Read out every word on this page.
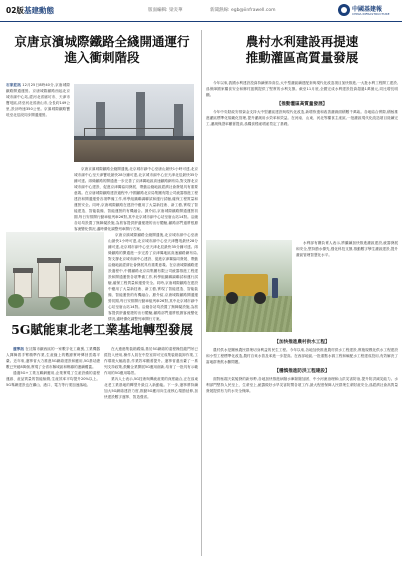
02版 基建動態	版面編輯: 梁炎華	新聞熱線: egb@iinfrawell.com	中國基建報
CHINA INFRASTRUCTURE
京唐京濱城際鐵路全綫開通運行
進入衝刺階段

石家莊訊 12月25日8時40分,京唐城際鐵路開通運營。京唐城際鐵路西起北京城市副中心站,經河北省廊坊市、天津市寶坻區,終至河北省唐山市,全長約149公里,設計時速350公里。京濱城際鐵路寶坻至北辰段同步開通運營。

京唐京濱城際鐵路全綫開通後,北京城市副中心至唐山最快1小時可達,北京城市副中心至天津寶坻最快28分鐘可達,北京城市副中心至天津北辰最快35分鐘可達。兩條鐵路的開通進一步完善了京津冀地區高速鐵路網布局,對支撐北京城市副中心建設、促進京津冀協同發展、帶動沿綫地區經濟社會發展具有重要意義。在京唐城際鐵路建設過程中,中國鐵路北京局集團有限公司統籌推進工程建設和開通運營各項準備工作,科學組織聯調聯試和運行試驗,確保工程質量和運營安全。同時,京唐城際鐵路在建設中應用了大量新技術、新工藝,實現了智能建造、智能裝備、智能運營的有機融合。據介紹,京唐城際鐵路開通運營初期,每日安排開行動車組列車26對,其中北京城市副中心站至唐山站14對。沿綫各站均設置了無障礙設施,為旅客提供舒適便捷的出行體驗,鐵路部門還將根據客流變化情況,適時優化調整列車開行方案。

京唐京濱城際鐵路全綫開通後,北京城市副中心至唐山最快1小時可達,北京城市副中心至天津寶坻最快28分鐘可達,北京城市副中心至天津北辰最快35分鐘可達。兩條鐵路的開通進一步完善了京津冀地區高速鐵路網布局,對支撐北京城市副中心建設、促進京津冀協同發展、帶動沿綫地區經濟社會發展具有重要意義。在京唐城際鐵路建設過程中,中國鐵路北京局集團有限公司統籌推進工程建設和開通運營各項準備工作,科學組織聯調聯試和運行試驗,確保工程質量和運營安全。同時,京唐城際鐵路在建設中應用了大量新技術、新工藝,實現了智能建造、智能裝備、智能運營的有機融合。據介紹,京唐城際鐵路開通運營初期,每日安排開行動車組列車26對,其中北京城市副中心站至唐山站14對。沿綫各站均設置了無障礙設施,為旅客提供舒適便捷的出行體驗,鐵路部門還將根據客流變化情況,適時優化調整列車開行方案。

5G賦能東北老工業基地轉型發展

遼寧訊 在沈陽市鐵西區的一家數字化工廠裏,工業機器人揮舞着手臂精準作業,生產綫上的數據實時傳回雲端平臺。近年來,遼寧省大力推進5G網絡建設和應用,5G基站總數已突破8萬個,實現了全省市縣城區和鄉鎮的連續覆蓋。

通過5G+工業互聯網應用,企業實現了生產設備的遠程運維、產品質量的智能檢測,生產效率平均提升20%以上。5G專網建設也在礦山、港口、電力等行業加速落地。

在大連港集裝箱碼頭,基於5G網絡的遠程操控龍門吊已經投入使用,操作人員在中控室即可完成集裝箱裝卸作業,工作環境大幅改善,作業效率顯著提升。遼寧省還出臺了一系列支持政策,鼓勵企業開展5G應用創新,培育了一批具有示範作用的5G應用場景。

業內人士表示,5G技術與傳統產業的深度融合,正在爲東北老工業基地的轉型升級注入新動能。下一步,遼寧將持續加大5G網絡建設力度,推動5G應用向生產核心環節延伸,加快建設數字遼寧、智造強省。

農村水利建設再提速
推動灌區高質量發展

今年以來,我國水利建設投資持續保持高位,大中型灌區續建配套與現代化改造項目加快推進,一大批水利工程開工建設,爲保障國家糧食安全和鄉村振興提供了堅實的水利支撐。截至11月底,全國完成水利建設投資超過1萬億元,同比增長明顯。

【推動灌區高質量發展】

今年中央財政安排資金支持大中型灌區建設與現代化改造,新增恢復和改善灌溉面積數千萬畝。各地結合實際,積極推進灌區標準化規範化管理,提升灌溉用水效率和效益。在河南、山東、河北等糧食主產區,一批灌區現代化改造項目陸續完工,灌溉保證率顯著提高,爲糧食穩產增產奠定了基礎。

水利部有關負責人表示,將繼續加快推進灌區建設,統籌發展和安全,堅持節水優先,強化科技支撐,推動數字孿生灌區建設,提升灌區管理智慧化水平。

【加快推進農村供水工程】

農村供水是關係農民群衆切身利益的民生工程。今年以來,各地加快推進農村供水工程建設,實施規模化供水工程建設和小型工程標準化改造,農村自來水普及率進一步提高。在西部地區,一批重點水源工程和輸配水工程建成投用,有效解決了當地群衆飲水難問題。

【穩慎推進防洪工程建設】

面對極端天氣頻發的新形勢,各地加快推進病險水庫除險加固、中小河流治理和山洪災害防治,提升防洪減災能力。水利部門堅持人民至上、生命至上,統籌做好水旱災害防禦各項工作,最大程度保障人民群衆生命財產安全,爲經濟社會高質量發展提供有力的水安全保障。
